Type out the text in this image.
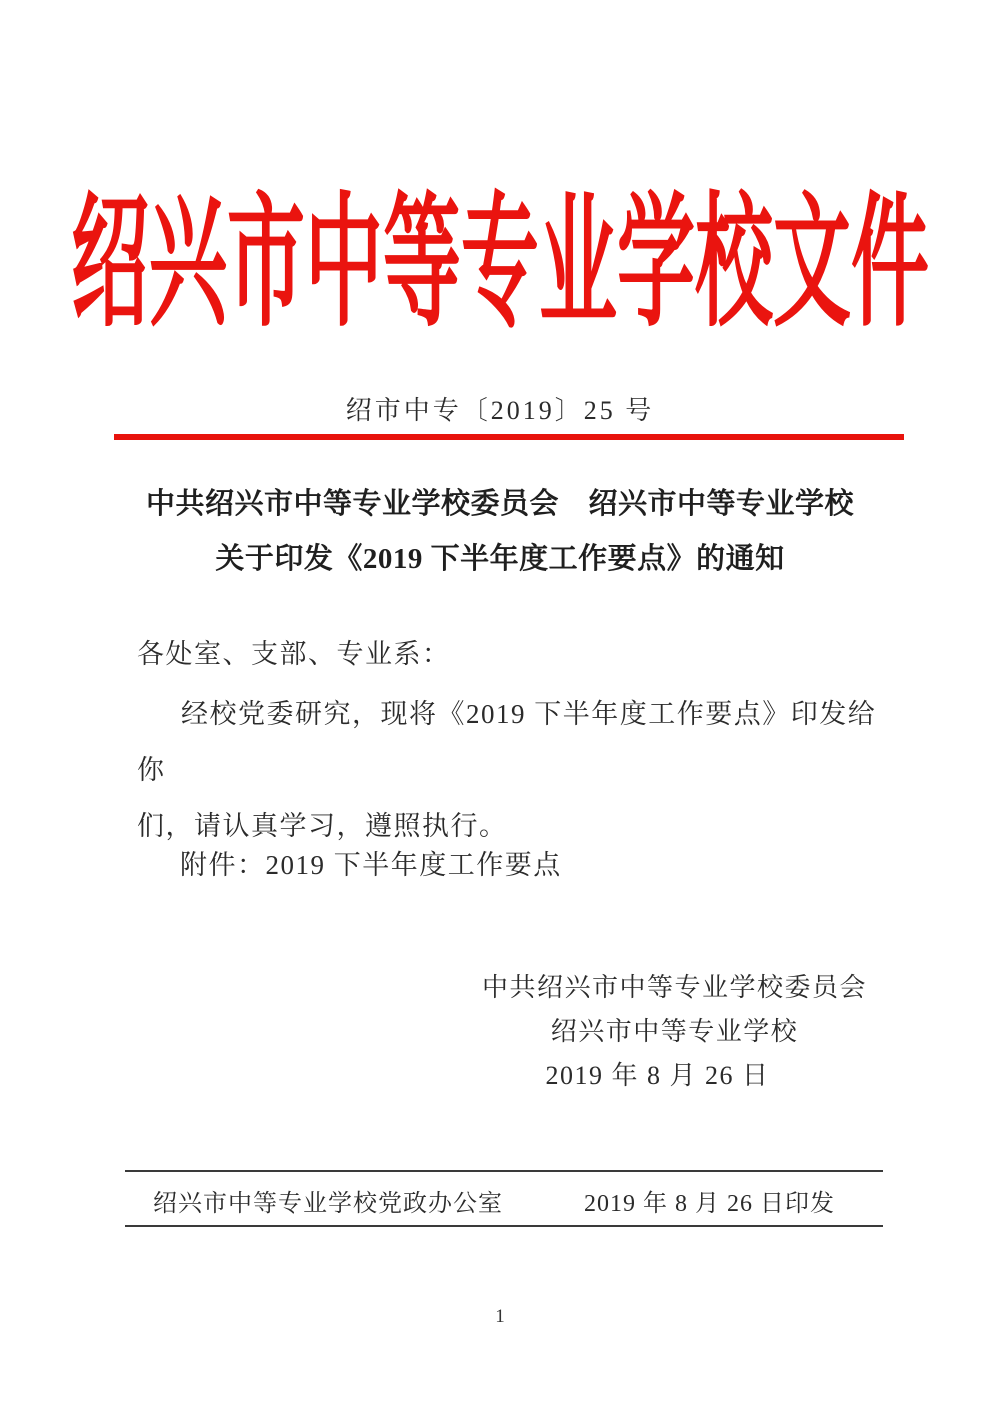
绍兴市中等专业学校文件
绍市中专〔2019〕25 号
中共绍兴市中等专业学校委员会　绍兴市中等专业学校
关于印发《2019 下半年度工作要点》的通知
各处室、支部、专业系：
经校党委研究，现将《2019 下半年度工作要点》印发给你
们，请认真学习，遵照执行。
附件：2019 下半年度工作要点
中共绍兴市中等专业学校委员会
绍兴市中等专业学校
2019 年 8 月 26 日
绍兴市中等专业学校党政办公室	2019 年 8 月 26 日印发
1
